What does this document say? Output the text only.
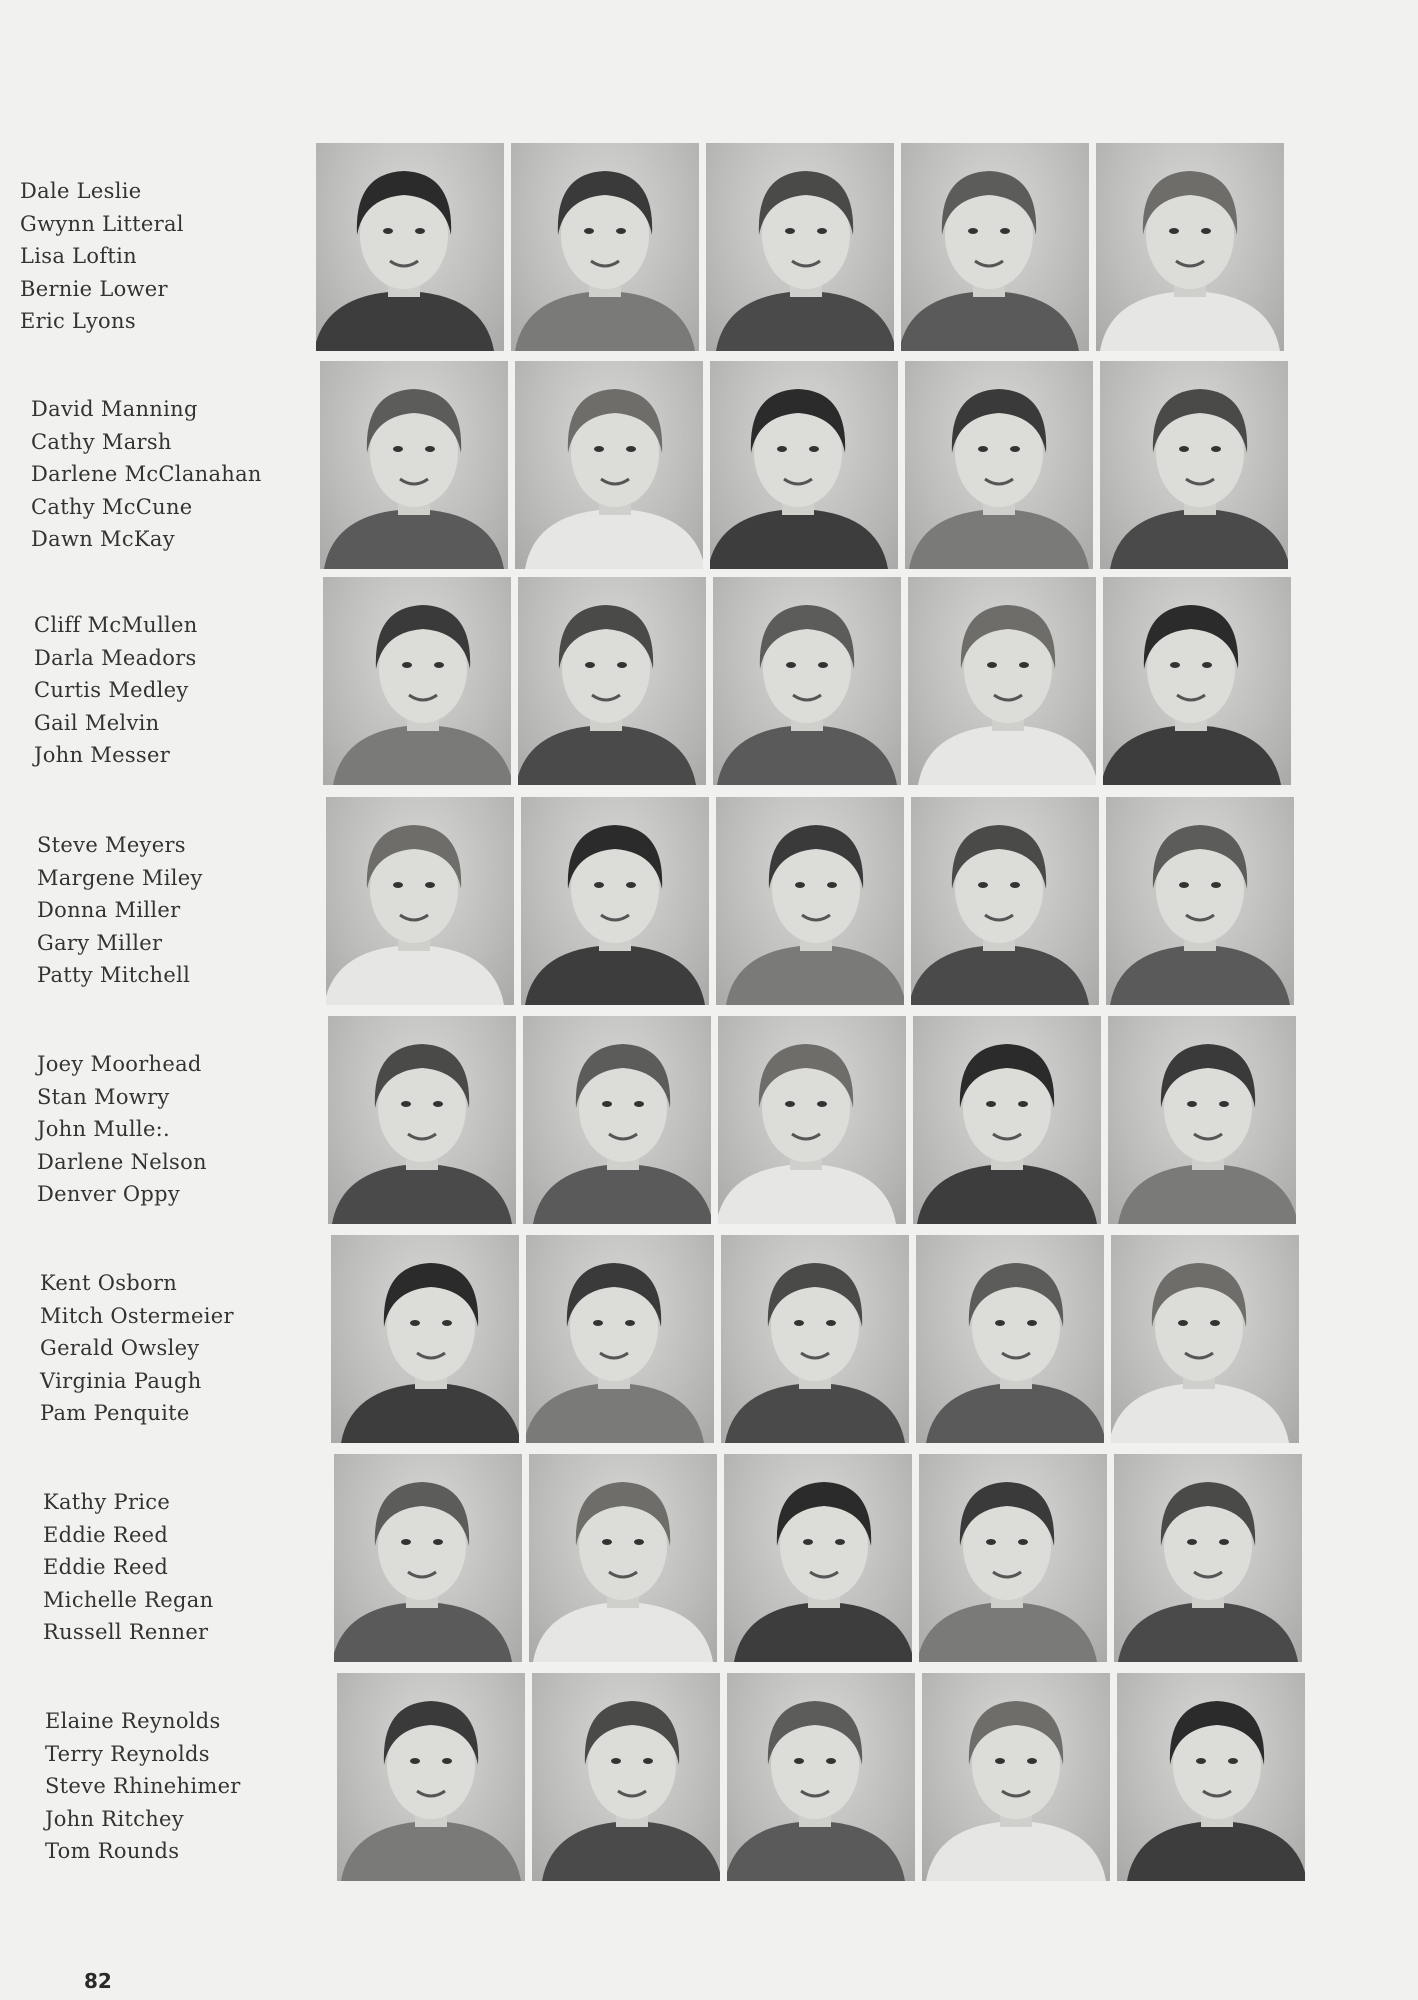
Dale Leslie
Gwynn Litteral
Lisa Loftin
Bernie Lower
Eric Lyons
David Manning
Cathy Marsh
Darlene McClanahan
Cathy McCune
Dawn McKay
Cliff McMullen
Darla Meadors
Curtis Medley
Gail Melvin
John Messer
Steve Meyers
Margene Miley
Donna Miller
Gary Miller
Patty Mitchell
Joey Moorhead
Stan Mowry
John Mulle:.
Darlene Nelson
Denver Oppy
Kent Osborn
Mitch Ostermeier
Gerald Owsley
Virginia Paugh
Pam Penquite
Kathy Price
Eddie Reed
Eddie Reed
Michelle Regan
Russell Renner
Elaine Reynolds
Terry Reynolds
Steve Rhinehimer
John Ritchey
Tom Rounds
82
